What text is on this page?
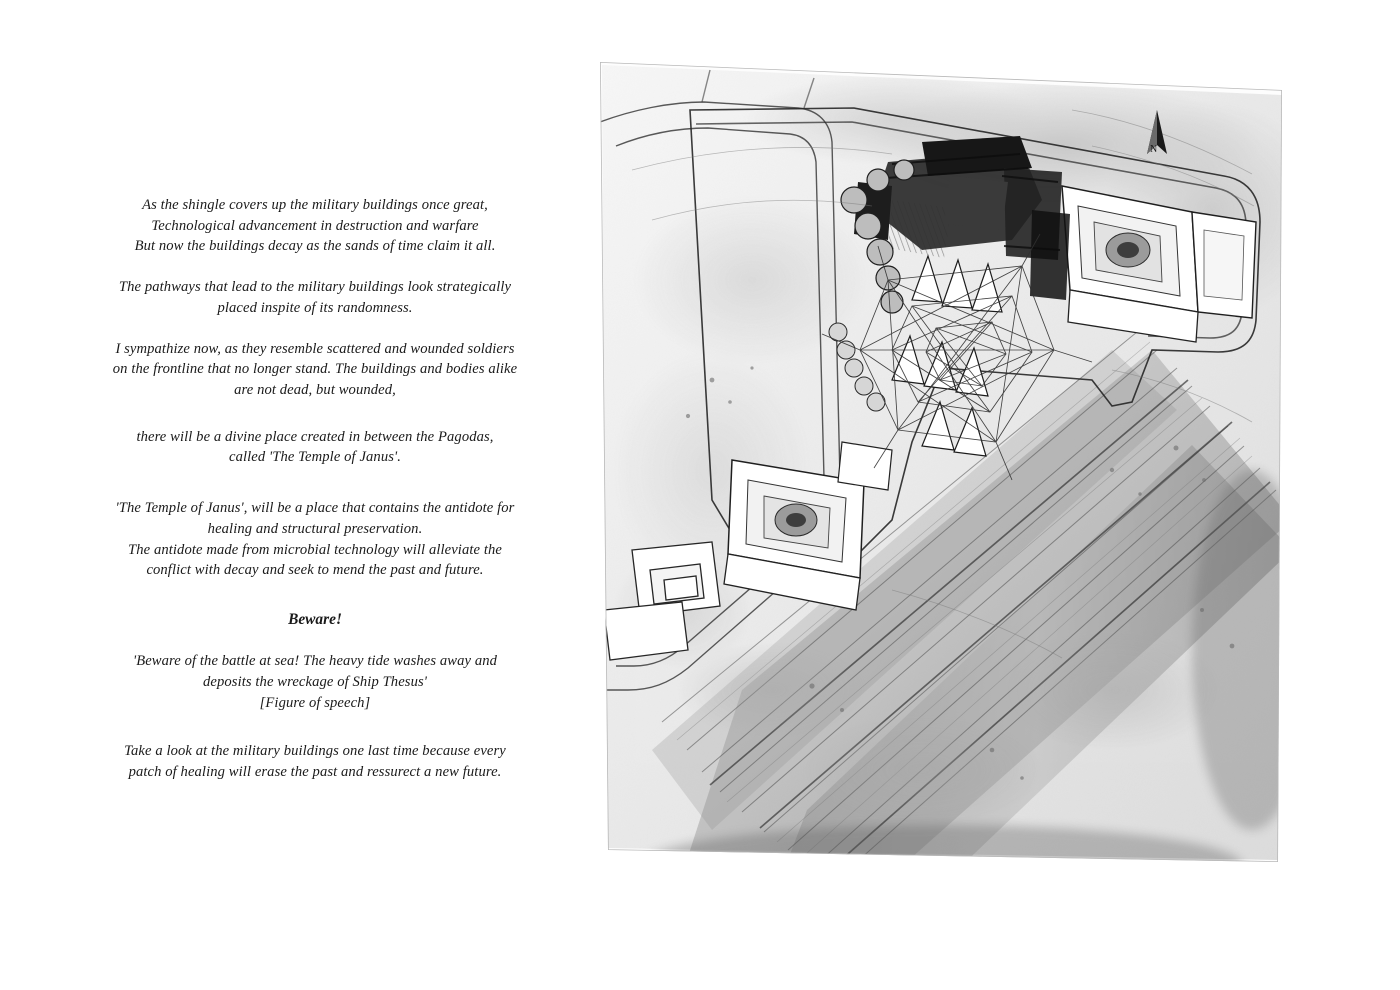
As the shingle covers up the military buildings once great,
Technological advancement in destruction and warfare
But now the buildings decay as the sands of time claim it all.

The pathways that lead to the military buildings look strategically
placed inspite of its randomness.

I sympathize now, as they resemble scattered and wounded soldiers
on the frontline that no longer stand. The buildings and bodies alike
are not dead, but wounded,

there will be a divine place created in between the Pagodas,
called 'The Temple of Janus'.

'The Temple of Janus', will be a place that contains the antidote for
healing and structural preservation.
The antidote made from microbial technology will alleviate the
conflict with decay and seek to mend the past and future.

Beware!

'Beware of the battle at sea! The heavy tide washes away and
deposits the wreckage of Ship Thesus'
[Figure of speech]

Take a look at the military buildings one last time because every
patch of healing will erase the past and ressurect a new future.

N
